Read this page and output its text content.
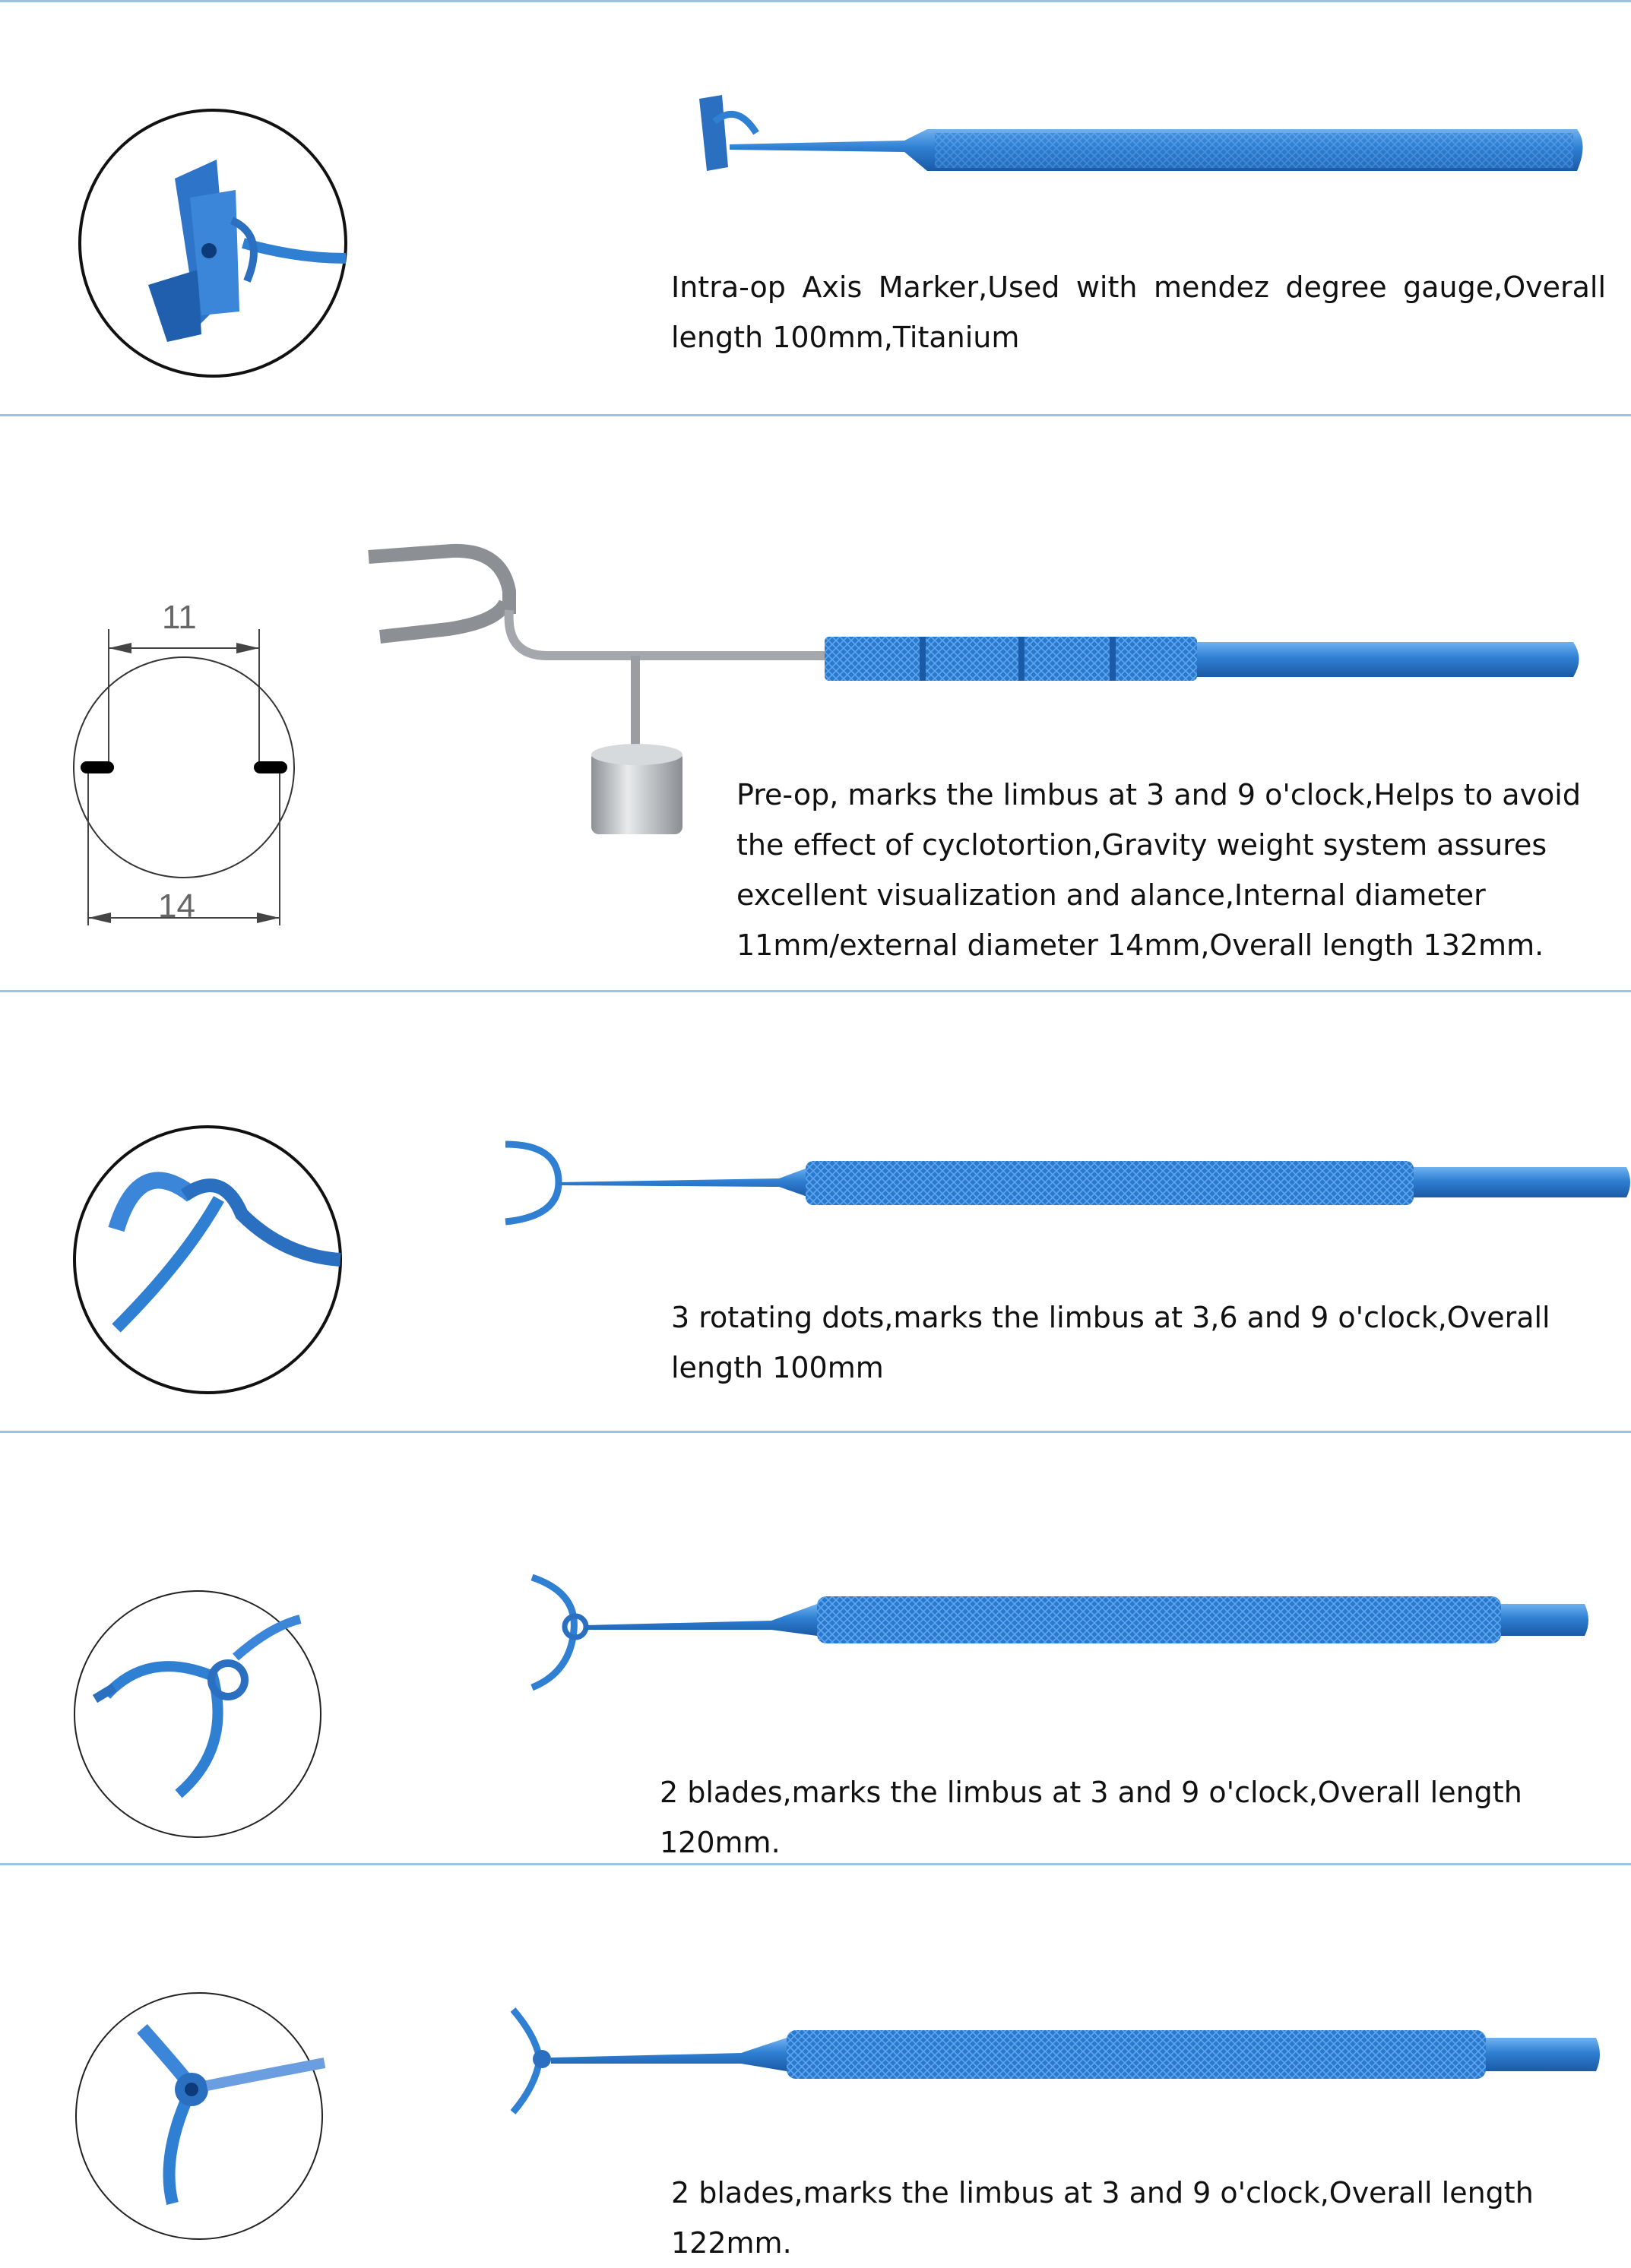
Intra-op Axis Marker,Used with mendez degree gauge,Overall length 100mm,Titanium

11
14

Pre-op, marks the limbus at 3 and 9 o'clock,Helps to avoid the effect of cyclotortion,Gravity weight system assures excellent visualization and alance,Internal diameter 11mm/external diameter 14mm,Overall length 132mm.

3 rotating dots,marks the limbus at 3,6 and 9 o'clock,Overall length 100mm

2 blades,marks the limbus at 3 and 9 o'clock,Overall length 120mm.

2 blades,marks the limbus at 3 and 9 o'clock,Overall length 122mm.
